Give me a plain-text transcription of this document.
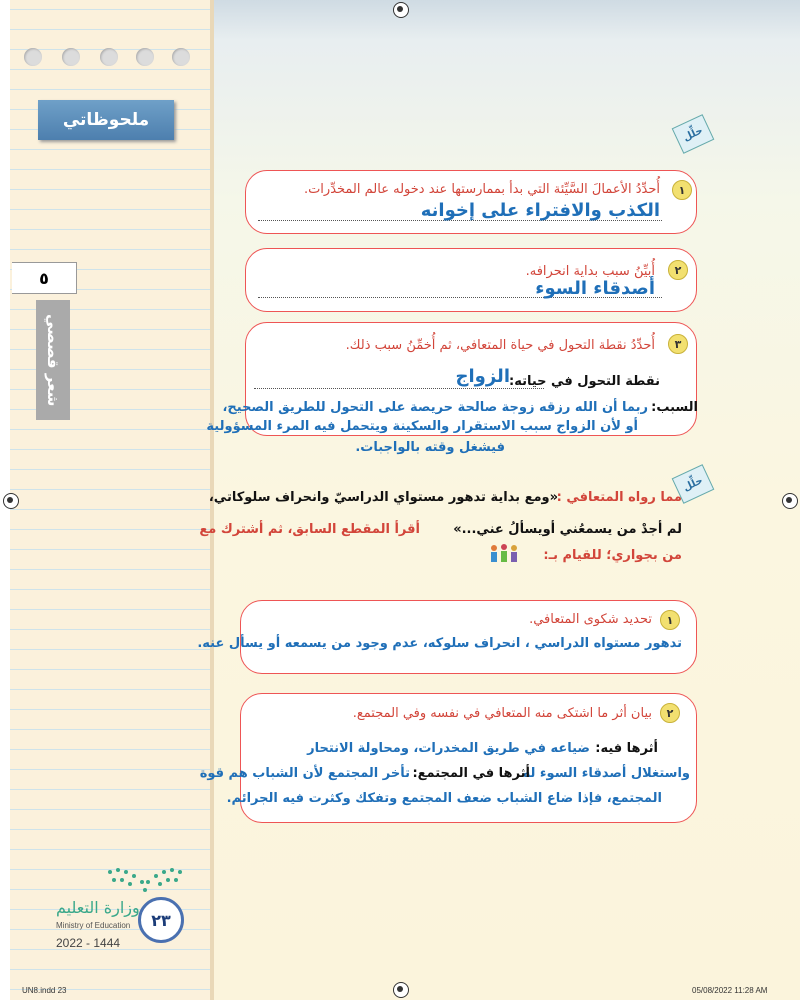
ملحوظاتي
٥
شعر قصصي
حلِّل
حلِّل
١
أُحدِّدُ الأعمالَ السَّيِّئة التي بدأ بممارستها عند دخوله عالم المخدِّرات.
الكذب والافتراء على إخوانه
٢
أُبيِّنُ سبب بداية انحرافه.
أصدقاء السوء
٣
أُحدِّدُ نقطة التحول في حياة المتعافي، ثم أُخمِّنُ سبب ذلك.
نقطة التحول في حياته:
الزواج
السبب:
ربما أن الله رزقه زوجة صالحة حريصة على التحول للطريق الصحيح،
أو لأن الزواج سبب الاستقرار والسكينة ويتحمل فيه المرء المسؤولية
فيشغل وقته بالواجبات.
مما رواه المتعافي :
«ومع بداية تدهور مستواي الدراسيّ وانحراف سلوكاتي،
لم أجدْ من يسمعُني أويسألُ عني...»
أقرأ المقطع السابق، ثم أشترك مع
من بجواري؛ للقيام بـ:
١
تحديد شكوى المتعافي.
تدهور مستواه الدراسي ، انحراف سلوكه، عدم وجود من يسمعه أو يسأل عنه.
٢
بيان أثر ما اشتكى منه المتعافي في نفسه وفي المجتمع.
أثرها فيه:
ضياعه في طريق المخدرات، ومحاولة الانتحار
واستغلال أصدقاء السوء له
أثرها في المجتمع:
تأخر المجتمع لأن الشباب هم قوة
المجتمع، فإذا ضاع الشباب ضعف المجتمع وتفكك وكثرت فيه الجرائم.
وزارة التعليم
Ministry of Education
2022 - 1444
٢٣
UN8.indd 23	05/08/2022 11:28 AM
